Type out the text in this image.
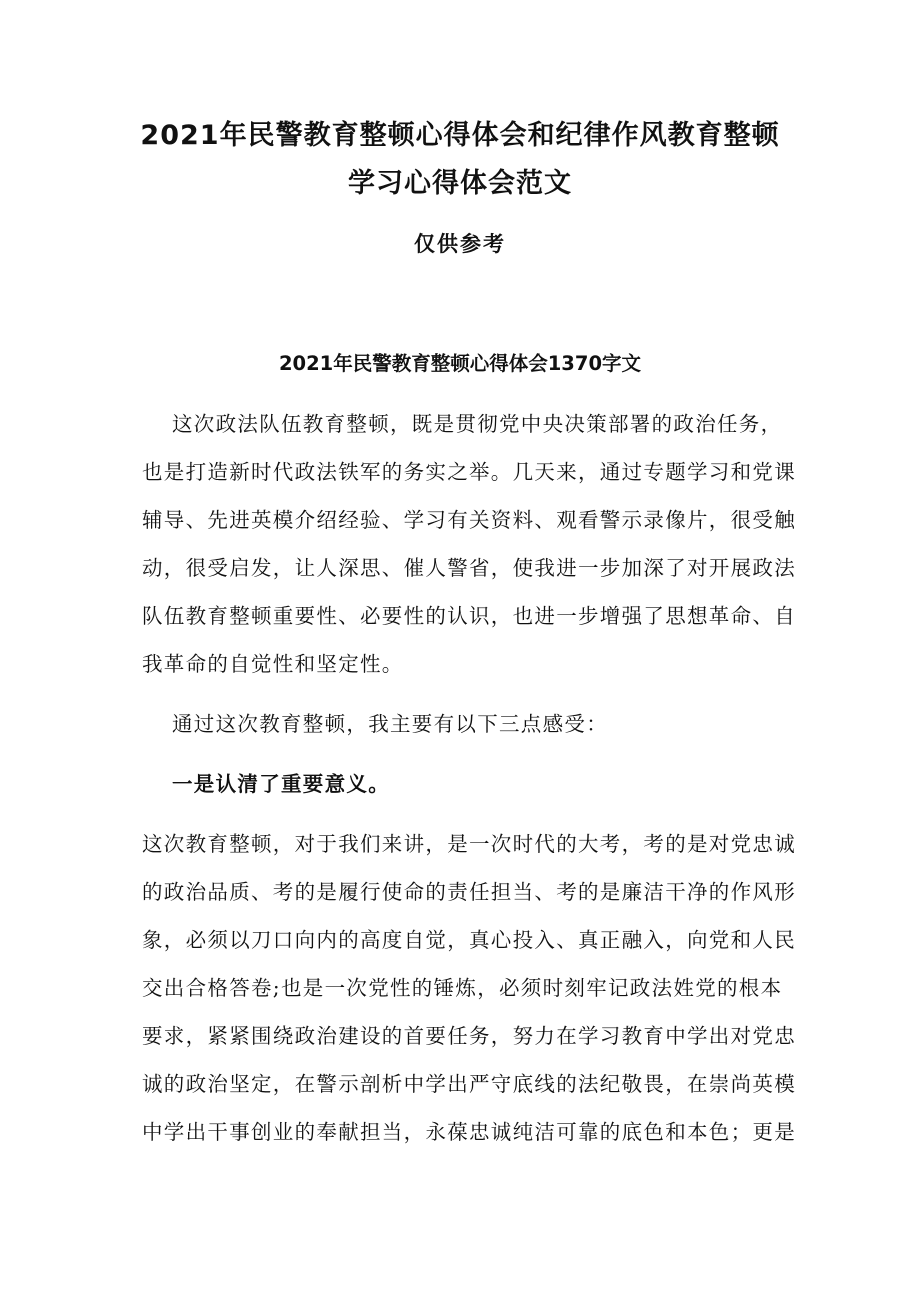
2021年民警教育整顿心得体会和纪律作风教育整顿
学习心得体会范文
仅供参考
2021年民警教育整顿心得体会1370字文
这次政法队伍教育整顿，既是贯彻党中央决策部署的政治任务，
也是打造新时代政法铁军的务实之举。几天来，通过专题学习和党课
辅导、先进英模介绍经验、学习有关资料、观看警示录像片，很受触
动，很受启发，让人深思、催人警省，使我进一步加深了对开展政法
队伍教育整顿重要性、必要性的认识，也进一步增强了思想革命、自
我革命的自觉性和坚定性。
通过这次教育整顿，我主要有以下三点感受：
一是认清了重要意义。
这次教育整顿，对于我们来讲，是一次时代的大考，考的是对党忠诚
的政治品质、考的是履行使命的责任担当、考的是廉洁干净的作风形
象，必须以刀口向内的高度自觉，真心投入、真正融入，向党和人民
交出合格答卷;也是一次党性的锤炼，必须时刻牢记政法姓党的根本
要求，紧紧围绕政治建设的首要任务，努力在学习教育中学出对党忠
诚的政治坚定，在警示剖析中学出严守底线的法纪敬畏，在崇尚英模
中学出干事创业的奉献担当，永葆忠诚纯洁可靠的底色和本色；更是
